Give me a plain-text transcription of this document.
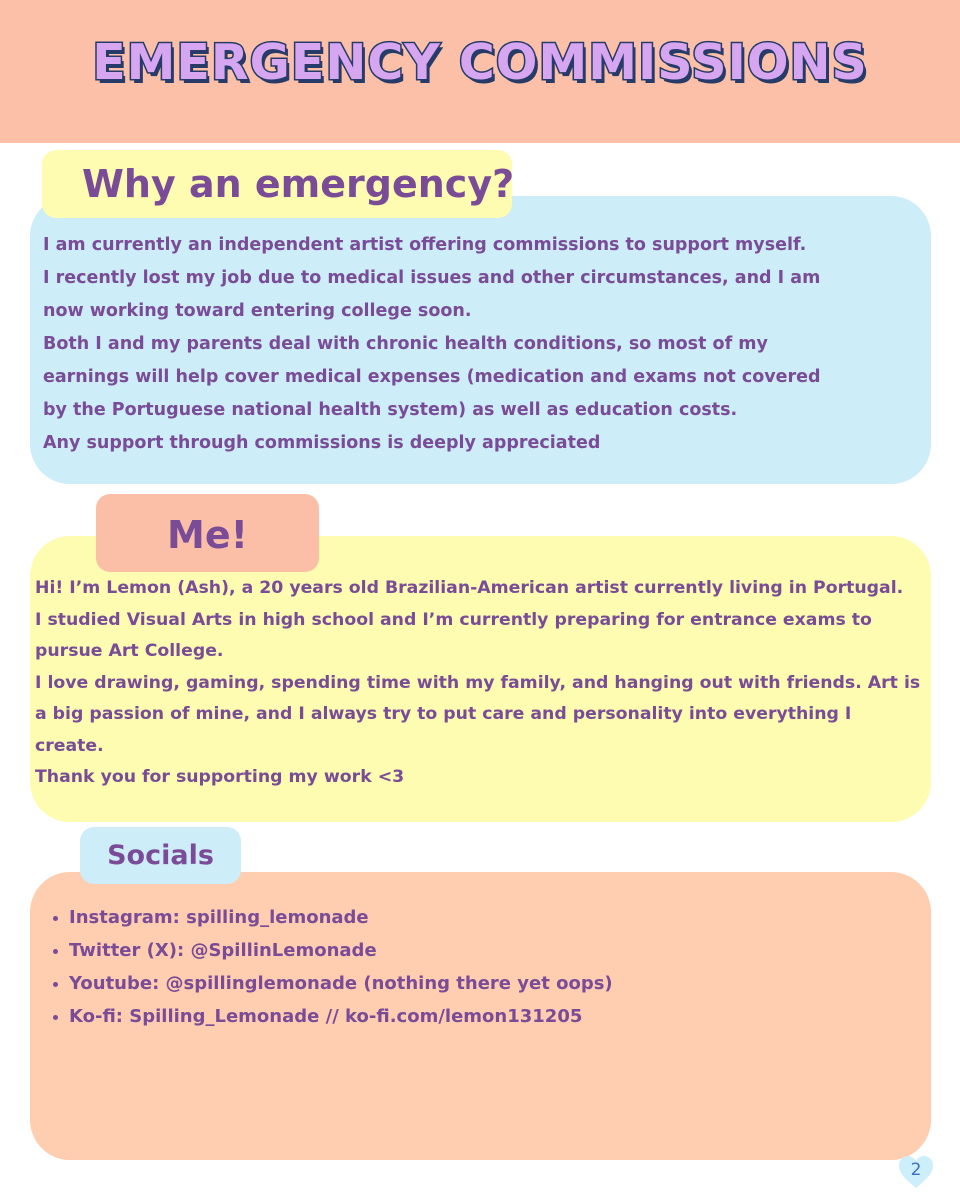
EMERGENCY COMMISSIONS
Why an emergency?
I am currently an independent artist offering commissions to support myself.
I recently lost my job due to medical issues and other circumstances, and I am
now working toward entering college soon.
Both I and my parents deal with chronic health conditions, so most of my
earnings will help cover medical expenses (medication and exams not covered
by the Portuguese national health system) as well as education costs.
Any support through commissions is deeply appreciated
Me!
Hi! I’m Lemon (Ash), a 20 years old Brazilian-American artist currently living in Portugal.
I studied Visual Arts in high school and I’m currently preparing for entrance exams to
pursue Art College.
I love drawing, gaming, spending time with my family, and hanging out with friends. Art is
a big passion of mine, and I always try to put care and personality into everything I
create.
Thank you for supporting my work <3
Socials
Instagram: spilling_lemonade
Twitter (X): @SpillinLemonade
Youtube: @spillinglemonade (nothing there yet oops)
Ko-fi: Spilling_Lemonade // ko-fi.com/lemon131205
2
